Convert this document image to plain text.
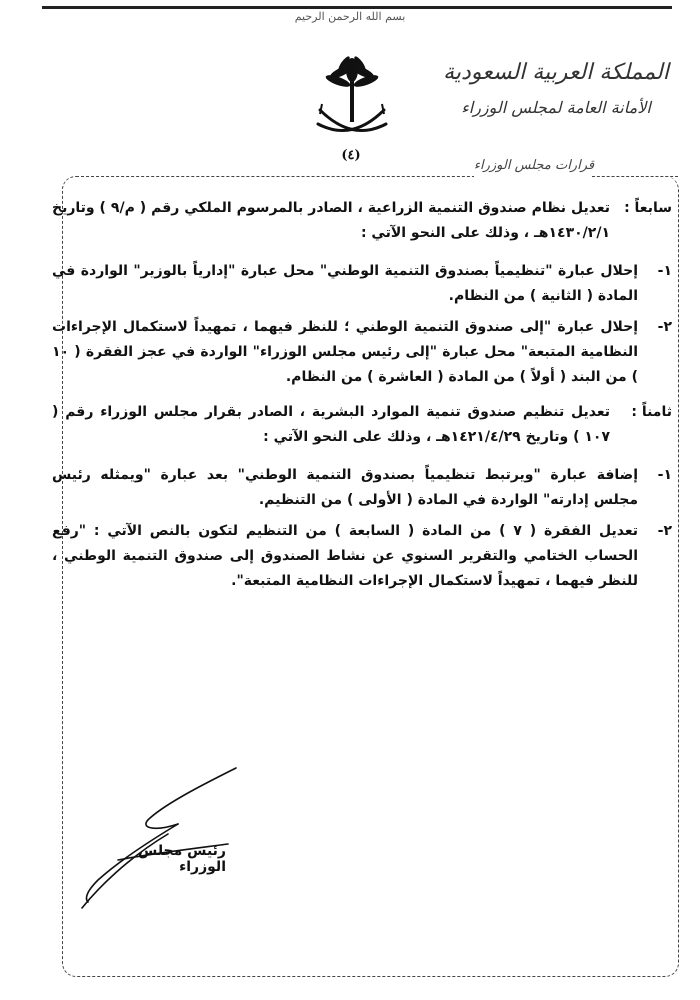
بسم الله الرحمن الرحيم
المملكة العربية السعودية
الأمانة العامة لمجلس الوزراء
(٤)
قرارات مجلس الوزراء
سابعاً :

تعديل نظام صندوق التنمية الزراعية ، الصادر بالمرسوم الملكي رقم ( م/٩ ) وتاريخ ١٤٣٠/٢/١هـ ، وذلك على النحو الآتي :

١-

إحلال عبارة "تنظيمياً بصندوق التنمية الوطني" محل عبارة "إدارياً بالوزير" الواردة في المادة ( الثانية ) من النظام.

٢-

إحلال عبارة "إلى صندوق التنمية الوطني ؛ للنظر فيهما ، تمهيداً لاستكمال الإجراءات النظامية المتبعة" محل عبارة "إلى رئيس مجلس الوزراء" الواردة في عجز الفقرة ( ١٠ ) من البند ( أولاً ) من المادة ( العاشرة ) من النظام.

ثامناً :

تعديل تنظيم صندوق تنمية الموارد البشرية ، الصادر بقرار مجلس الوزراء رقم ( ١٠٧ ) وتاريخ ١٤٢١/٤/٢٩هـ ، وذلك على النحو الآتي :

١-

إضافة عبارة "ويرتبط تنظيمياً بصندوق التنمية الوطني" بعد عبارة "ويمثله رئيس مجلس إدارته" الواردة في المادة ( الأولى ) من التنظيم.

٢-

تعديل الفقرة ( ٧ ) من المادة ( السابعة ) من التنظيم لتكون بالنص الآتي : "رفع الحساب الختامي والتقرير السنوي عن نشاط الصندوق إلى صندوق التنمية الوطني ، للنظر فيهما ، تمهيداً لاستكمال الإجراءات النظامية المتبعة".

رئيس مجلس الوزراء
